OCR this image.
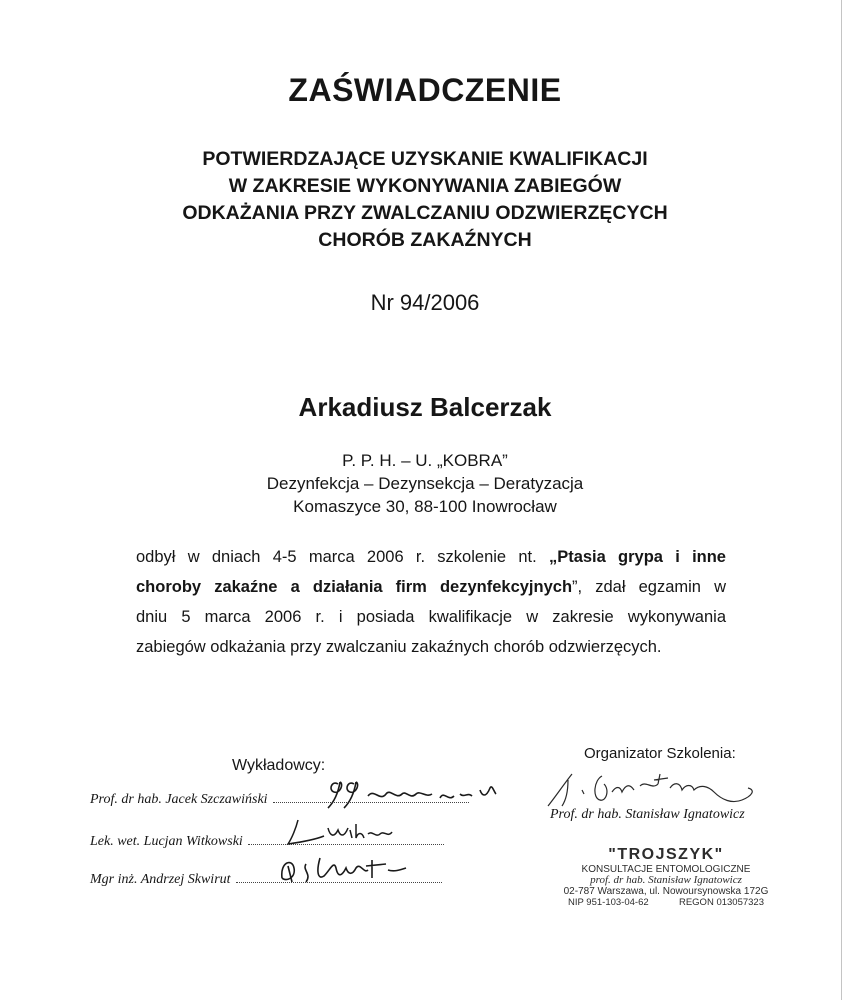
ZAŚWIADCZENIE
POTWIERDZAJĄCE UZYSKANIE KWALIFIKACJI
W ZAKRESIE WYKONYWANIA ZABIEGÓW
ODKAŻANIA PRZY ZWALCZANIU ODZWIERZĘCYCH
CHORÓB ZAKAŹNYCH
Nr 94/2006
Arkadiusz Balcerzak
P. P. H. – U. „KOBRA”
Dezynfekcja – Dezynsekcja – Deratyzacja
Komaszyce 30, 88-100 Inowrocław
odbył w dniach 4-5 marca 2006 r. szkolenie nt. „Ptasia grypa i inne
choroby zakaźne a działania firm dezynfekcyjnych”, zdał egzamin w
dniu 5 marca 2006 r. i posiada kwalifikacje w zakresie wykonywania
zabiegów odkażania przy zwalczaniu zakaźnych chorób odzwierzęcych.
Wykładowcy:
Prof. dr hab. Jacek Szczawiński
Lek. wet. Lucjan Witkowski
Mgr inż. Andrzej Skwirut
Organizator Szkolenia:
Prof. dr hab. Stanisław Ignatowicz
"TROJSZYK"
KONSULTACJE ENTOMOLOGICZNE
prof. dr hab. Stanisław Ignatowicz
02-787 Warszawa, ul. Nowoursynowska 172G
NIP 951-103-04-62	REGON 013057323
